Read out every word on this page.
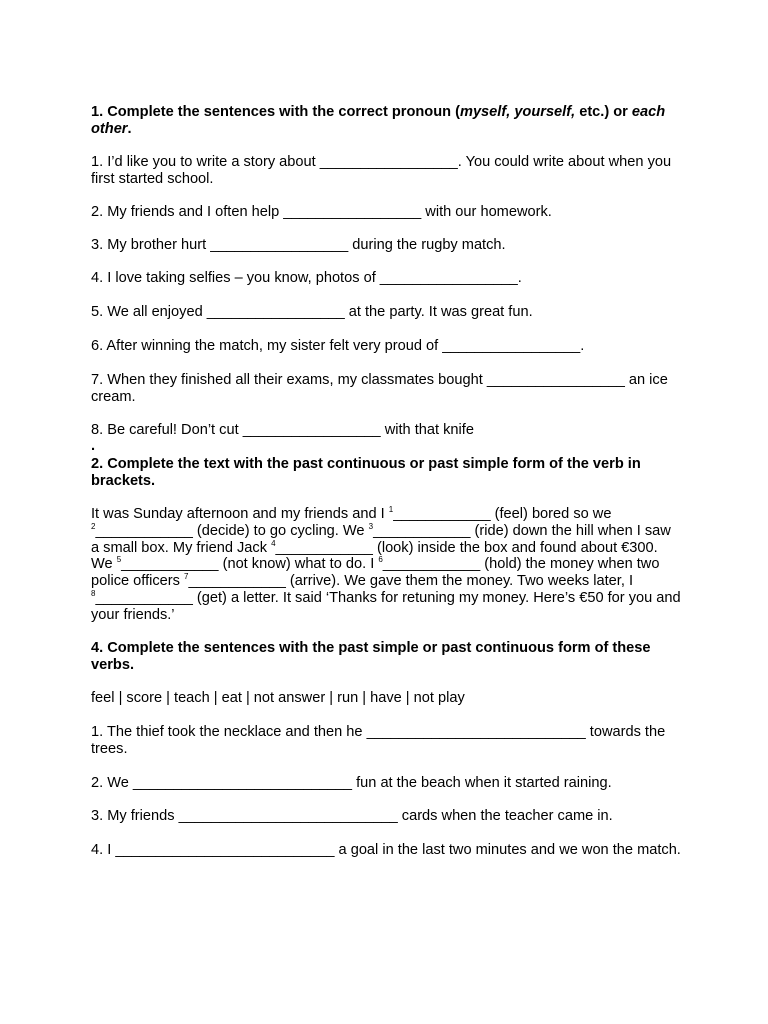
1. Complete the sentences with the correct pronoun (myself, yourself, etc.) or each other.

1. I’d like you to write a story about _________________. You could write about when you first started school.

2. My friends and I often help _________________ with our homework.

3. My brother hurt _________________ during the rugby match.

4. I love taking selfies – you know, photos of _________________.

5. We all enjoyed _________________ at the party. It was great fun.

6. After winning the match, my sister felt very proud of _________________.

7. When they finished all their exams, my classmates bought _________________ an ice cream.

8. Be careful! Don’t cut _________________ with that knife

.

2. Complete the text with the past continuous or past simple form of the verb in brackets.

It was Sunday afternoon and my friends and I $^1$____________ (feel) bored so we
$^2$____________ (decide) to go cycling. We $^3$____________ (ride) down the hill when I saw a small box. My friend Jack $^4$____________ (look) inside the box and found about €300. We $^5$____________ (not know) what to do. I $^6$____________ (hold) the money when two police officers $^7$____________ (arrive). We gave them the money. Two weeks later, I $^8$____________ (get) a letter. It said ‘Thanks for retuning my money. Here’s €50 for you and your friends.’

4. Complete the sentences with the past simple or past continuous form of these verbs.

feel | score | teach | eat | not answer | run | have | not play

1. The thief took the necklace and then he ___________________________ towards the trees.

2. We ___________________________ fun at the beach when it started raining.

3. My friends ___________________________ cards when the teacher came in.

4. I ___________________________ a goal in the last two minutes and we won the match.
